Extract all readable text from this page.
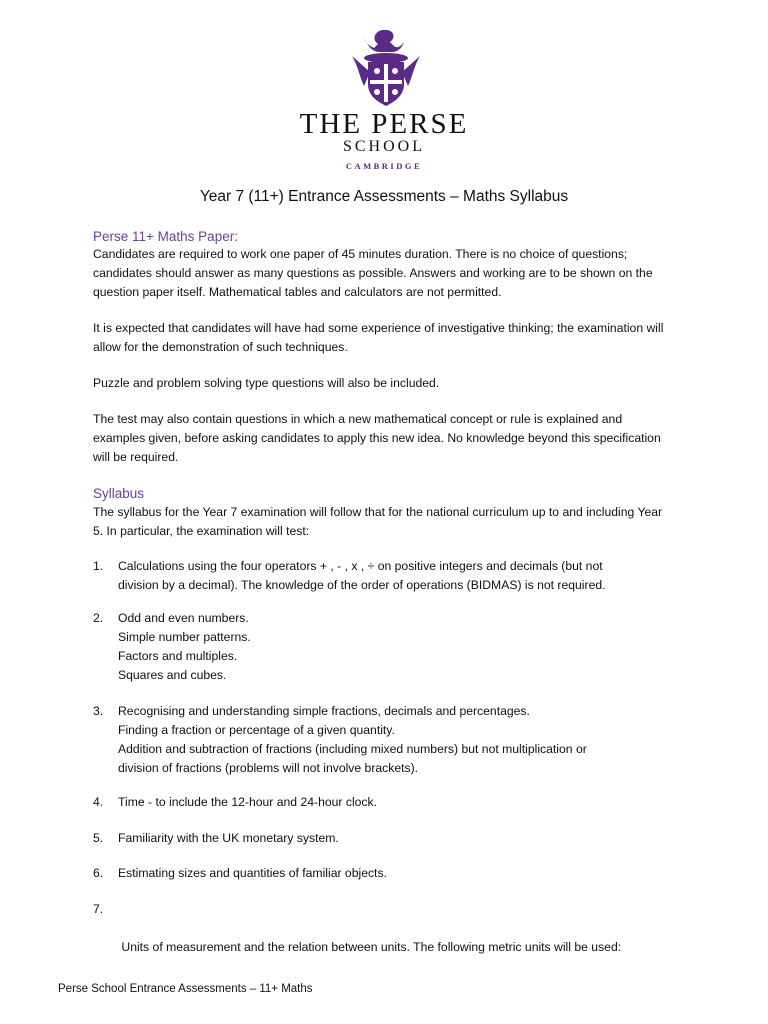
THE PERSE
SCHOOL
CAMBRIDGE
Year 7 (11+) Entrance Assessments – Maths Syllabus
Perse 11+ Maths Paper:
Candidates are required to work one paper of 45 minutes duration. There is no choice of questions; candidates should answer as many questions as possible. Answers and working are to be shown on the question paper itself. Mathematical tables and calculators are not permitted.
It is expected that candidates will have had some experience of investigative thinking; the examination will allow for the demonstration of such techniques.
Puzzle and problem solving type questions will also be included.
The test may also contain questions in which a new mathematical concept or rule is explained and examples given, before asking candidates to apply this new idea. No knowledge beyond this specification will be required.
Syllabus
The syllabus for the Year 7 examination will follow that for the national curriculum up to and including Year 5. In particular, the examination will test:
1. Calculations using the four operators + , - , x , ÷ on positive integers and decimals (but not
division by a decimal). The knowledge of the order of operations (BIDMAS) is not required.
2. Odd and even numbers.
Simple number patterns.
Factors and multiples.
Squares and cubes.
3. Recognising and understanding simple fractions, decimals and percentages.
Finding a fraction or percentage of a given quantity.
Addition and subtraction of fractions (including mixed numbers) but not multiplication or
division of fractions (problems will not involve brackets).
4. Time - to include the 12-hour and 24-hour clock.
5. Familiarity with the UK monetary system.
6. Estimating sizes and quantities of familiar objects.
7.

Units of measurement and the relation between units. The following metric units will be used:

Perse School Entrance Assessments – 11+ Maths
